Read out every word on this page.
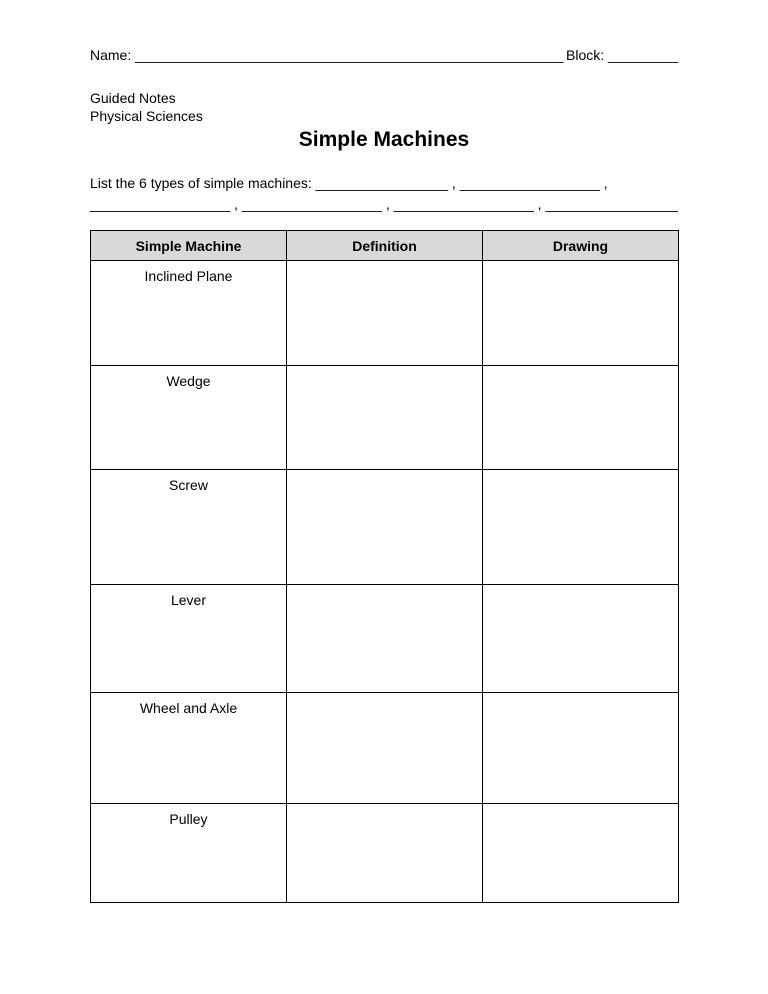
Name: _______________________________________________________ Block: _________
Guided Notes
Physical Sciences
Simple Machines
List the 6 types of simple machines: _________________ , __________________ ,
__________________ , __________________ , __________________ , _________________
Simple Machine	Definition	Drawing
Inclined Plane		
Wedge		
Screw		
Lever		
Wheel and Axle		
Pulley		
